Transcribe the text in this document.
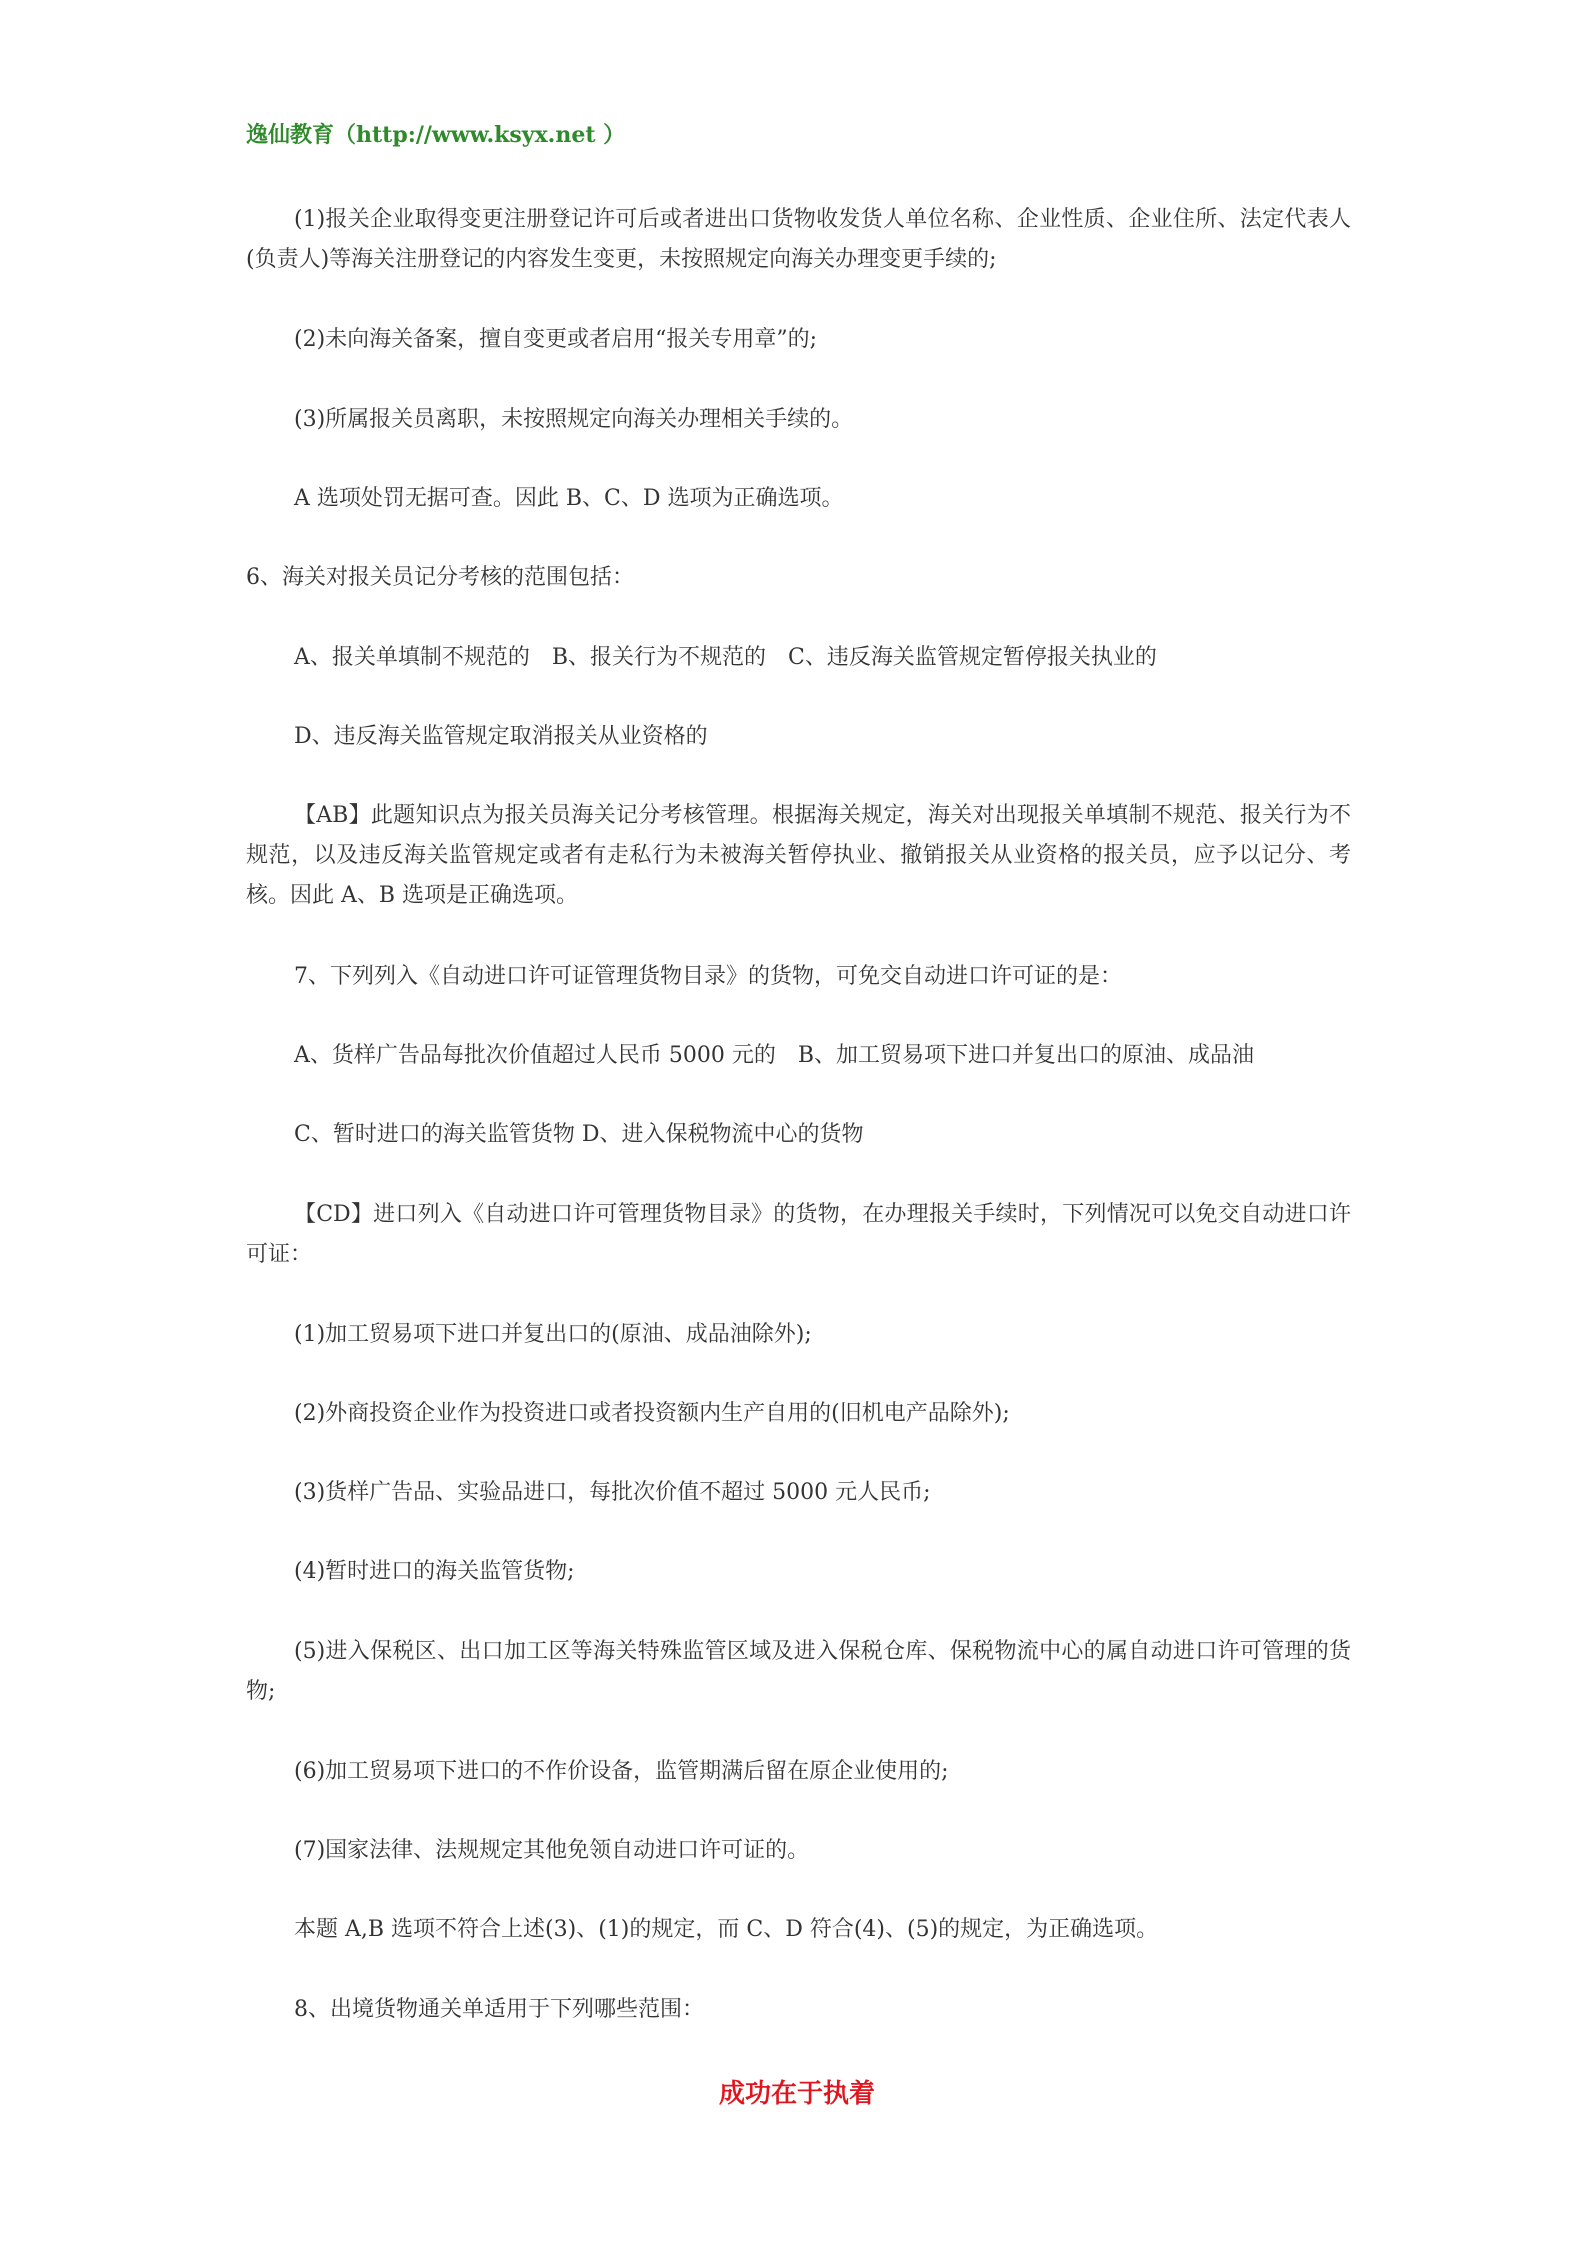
逸仙教育（http://www.ksyx.net ）

(1)报关企业取得变更注册登记许可后或者进出口货物收发货人单位名称、企业性质、企业住所、法定代表人(负责人)等海关注册登记的内容发生变更，未按照规定向海关办理变更手续的;

(2)未向海关备案，擅自变更或者启用“报关专用章”的;

(3)所属报关员离职，未按照规定向海关办理相关手续的。

A 选项处罚无据可查。因此 B、C、D 选项为正确选项。

6、海关对报关员记分考核的范围包括：

A、报关单填制不规范的　B、报关行为不规范的　C、违反海关监管规定暂停报关执业的

D、违反海关监管规定取消报关从业资格的

【AB】此题知识点为报关员海关记分考核管理。根据海关规定，海关对出现报关单填制不规范、报关行为不规范，以及违反海关监管规定或者有走私行为未被海关暂停执业、撤销报关从业资格的报关员，应予以记分、考核。因此 A、B 选项是正确选项。

7、下列列入《自动进口许可证管理货物目录》的货物，可免交自动进口许可证的是：

A、货样广告品每批次价值超过人民币 5000 元的　B、加工贸易项下进口并复出口的原油、成品油

C、暂时进口的海关监管货物 D、进入保税物流中心的货物

【CD】进口列入《自动进口许可管理货物目录》的货物，在办理报关手续时，下列情况可以免交自动进口许可证：

(1)加工贸易项下进口并复出口的(原油、成品油除外);

(2)外商投资企业作为投资进口或者投资额内生产自用的(旧机电产品除外);

(3)货样广告品、实验品进口，每批次价值不超过 5000 元人民币;

(4)暂时进口的海关监管货物;

(5)进入保税区、出口加工区等海关特殊监管区域及进入保税仓库、保税物流中心的属自动进口许可管理的货物;

(6)加工贸易项下进口的不作价设备，监管期满后留在原企业使用的;

(7)国家法律、法规规定其他免领自动进口许可证的。

本题 A,B 选项不符合上述(3)、(1)的规定，而 C、D 符合(4)、(5)的规定，为正确选项。

8、出境货物通关单适用于下列哪些范围：

成功在于执着
